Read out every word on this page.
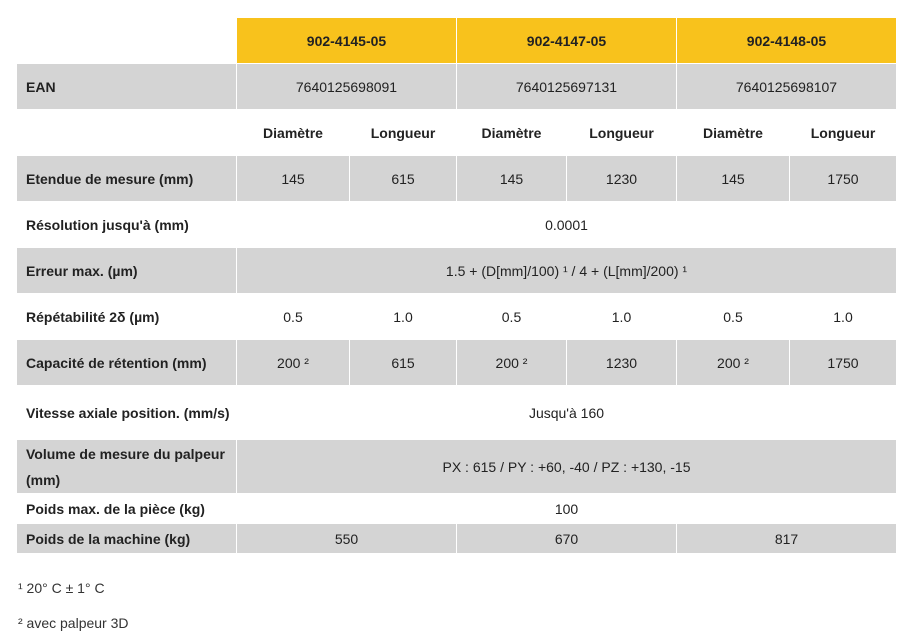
	902-4145-05		902-4147-05		902-4148-05	
EAN	7640125698091		7640125697131		7640125698107	
	Diamètre	Longueur	Diamètre	Longueur	Diamètre	Longueur
Etendue de mesure (mm)	145	615	145	1230	145	1750
Résolution jusqu'à (mm)	0.0001					
Erreur max. (µm)	1.5 + (D[mm]/100) ¹ / 4 + (L[mm]/200) ¹					
Répétabilité 2δ (µm)	0.5	1.0	0.5	1.0	0.5	1.0
Capacité de rétention (mm)	200 ²	615	200 ²	1230	200 ²	1750
Vitesse axiale position. (mm/s)	Jusqu'à 160					
Volume de mesure du palpeur (mm)	PX : 615 / PY : +60, -40 / PZ : +130, -15					
Poids max. de la pièce (kg)	100					
Poids de la machine (kg)	550		670		817	
¹ 20° C ± 1° C
² avec palpeur 3D
